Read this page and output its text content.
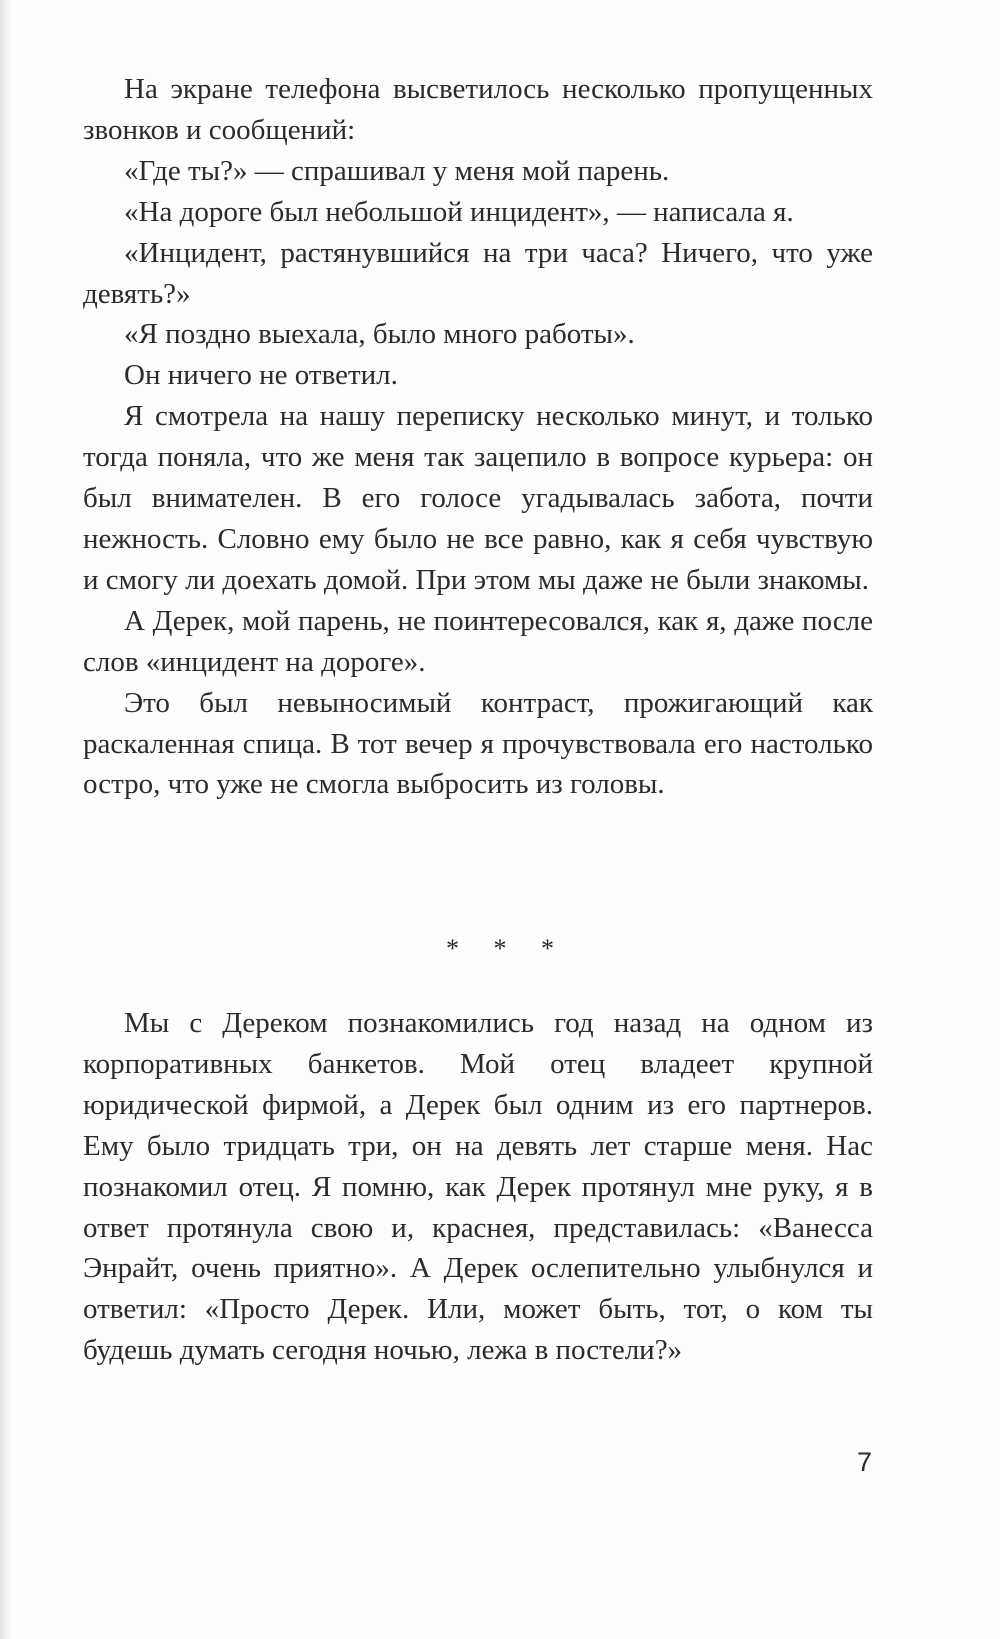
На экране телефона высветилось несколько пропущенных звонков и сообщений:

«Где ты?» — спрашивал у меня мой парень.

«На дороге был небольшой инцидент», — написала я.

«Инцидент, растянувшийся на три часа? Ничего, что уже девять?»

«Я поздно выехала, было много работы».

Он ничего не ответил.

Я смотрела на нашу переписку несколько минут, и только тогда поняла, что же меня так зацепило в вопросе курьера: он был внимателен. В его голосе угадывалась забота, почти нежность. Словно ему было не все равно, как я себя чувствую и смогу ли доехать домой. При этом мы даже не были знакомы.

А Дерек, мой парень, не поинтересовался, как я, даже после слов «инцидент на дороге».

Это был невыносимый контраст, прожигающий как раскаленная спица. В тот вечер я прочувствовала его настолько остро, что уже не смогла выбросить из головы.

* * *

Мы с Дереком познакомились год назад на одном из корпоративных банкетов. Мой отец владеет крупной юридической фирмой, а Дерек был одним из его партнеров. Ему было тридцать три, он на девять лет старше меня. Нас познакомил отец. Я помню, как Дерек протянул мне руку, я в ответ протянула свою и, краснея, представилась: «Ванесса Энрайт, очень приятно». А Дерек ослепительно улыбнулся и ответил: «Просто Дерек. Или, может быть, тот, о ком ты будешь думать сегодня ночью, лежа в постели?»

7
